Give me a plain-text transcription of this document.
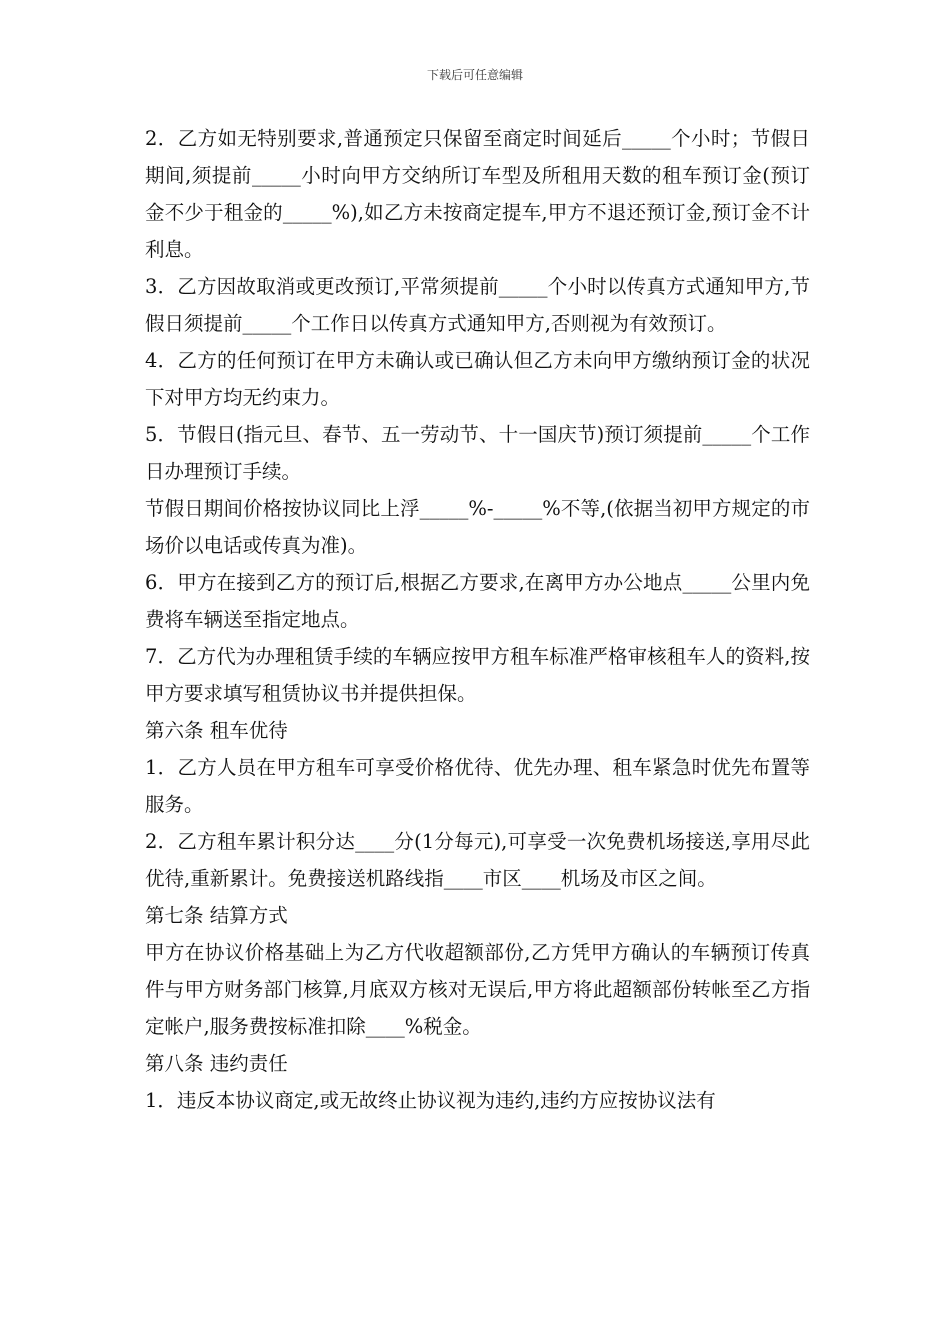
下载后可任意编辑

2．乙方如无特别要求,普通预定只保留至商定时间延后_____个小时；节假日期间,须提前_____小时向甲方交纳所订车型及所租用天数的租车预订金(预订金不少于租金的_____%),如乙方未按商定提车,甲方不退还预订金,预订金不计利息。

3．乙方因故取消或更改预订,平常须提前_____个小时以传真方式通知甲方,节假日须提前_____个工作日以传真方式通知甲方,否则视为有效预订。

4．乙方的任何预订在甲方未确认或已确认但乙方未向甲方缴纳预订金的状况下对甲方均无约束力。

5．节假日(指元旦、春节、五一劳动节、十一国庆节)预订须提前_____个工作日办理预订手续。

节假日期间价格按协议同比上浮_____%-_____%不等,(依据当初甲方规定的市场价以电话或传真为准)。

6．甲方在接到乙方的预订后,根据乙方要求,在离甲方办公地点_____公里内免费将车辆送至指定地点。

7．乙方代为办理租赁手续的车辆应按甲方租车标准严格审核租车人的资料,按甲方要求填写租赁协议书并提供担保。

第六条 租车优待

1．乙方人员在甲方租车可享受价格优待、优先办理、租车紧急时优先布置等服务。

2．乙方租车累计积分达____分(1分每元),可享受一次免费机场接送,享用尽此优待,重新累计。免费接送机路线指____市区____机场及市区之间。

第七条 结算方式

甲方在协议价格基础上为乙方代收超额部份,乙方凭甲方确认的车辆预订传真件与甲方财务部门核算,月底双方核对无误后,甲方将此超额部份转帐至乙方指定帐户,服务费按标准扣除____%税金。

第八条 违约责任

1．违反本协议商定,或无故终止协议视为违约,违约方应按协议法有
